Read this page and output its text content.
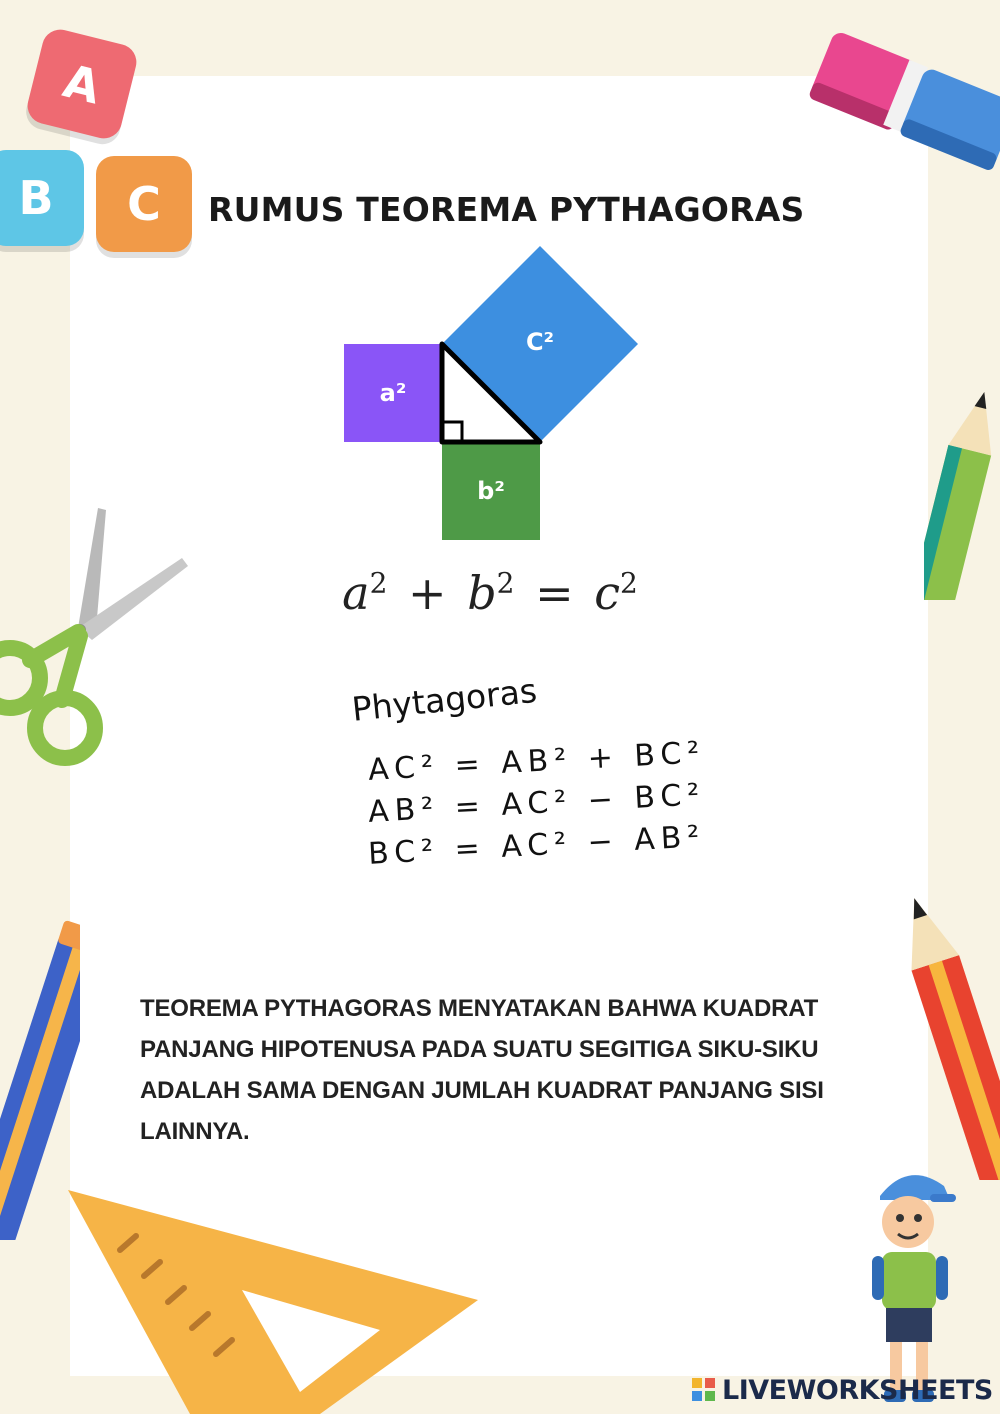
A
B C RUMUS TEOREMA PYTHAGORAS
a²
b²
C²
$a^2 + b^2 = c^2$
Phytagoras
AC² = AB² + BC²
AB² = AC² − BC²
BC² = AC² − AB²

TEOREMA PYTHAGORAS MENYATAKAN BAHWA KUADRAT PANJANG HIPOTENUSA PADA SUATU SEGITIGA SIKU-SIKU ADALAH SAMA DENGAN JUMLAH KUADRAT PANJANG SISI LAINNYA.

LIVEWORKSHEETS
